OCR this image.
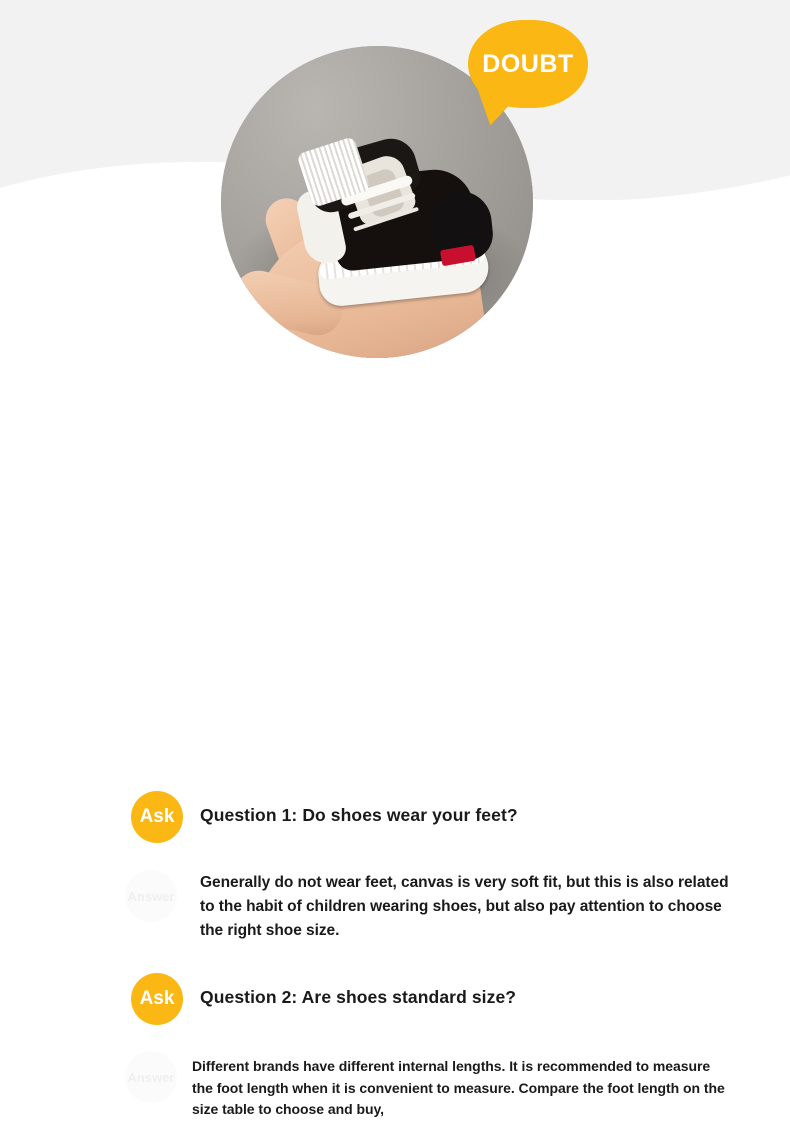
DOUBT
Ask Question 1: Do shoes wear your feet?
Answer
Generally do not wear feet, canvas is very soft fit, but this is also related to the habit of children wearing shoes, but also pay attention to choose the right shoe size.
Ask Question 2: Are shoes standard size?
Answer
Different brands have different internal lengths. It is recommended to measure the foot length when it is convenient to measure. Compare the foot length on the size table to choose and buy,
